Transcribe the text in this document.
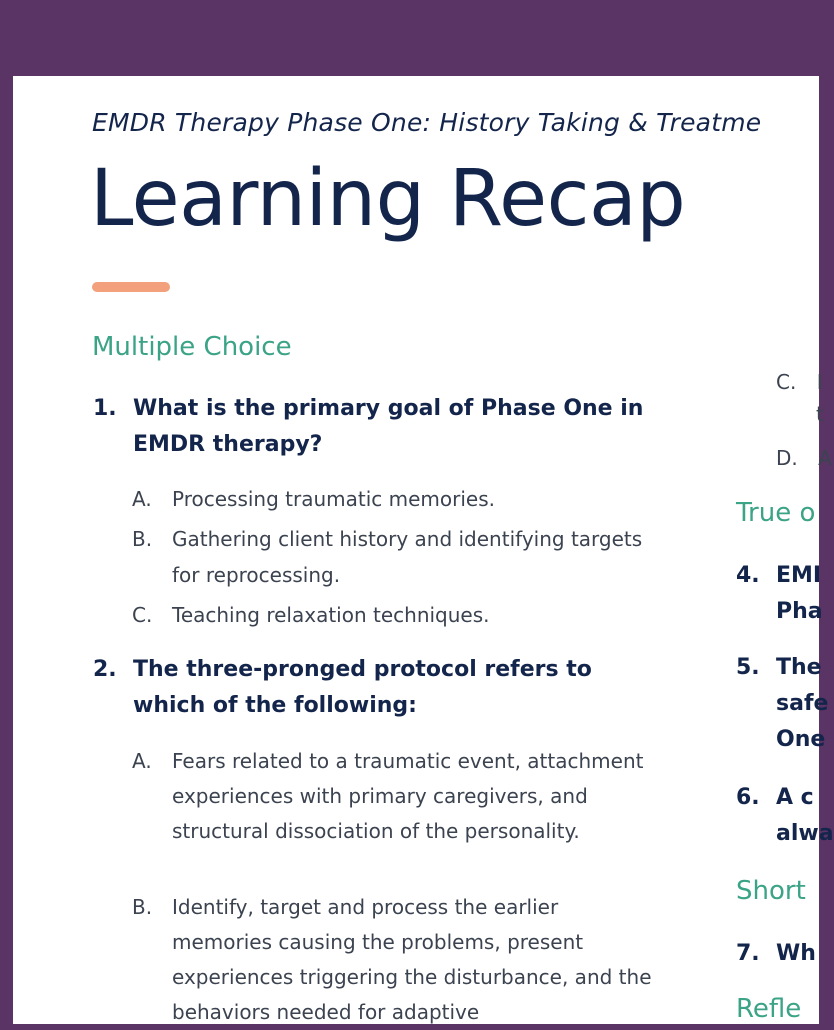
EMDR Therapy Phase One: History Taking & Treatme
Learning Recap
Multiple Choice
1. What is the primary goal of Phase One in EMDR therapy?
A. Processing traumatic memories.
B. Gathering client history and identifying targets for reprocessing.
C. Teaching relaxation techniques.
2. The three-pronged protocol refers to which of the following:
A. Fears related to a traumatic event, attachment experiences with primary caregivers, and structural dissociation of the personality.
B. Identify, target and process the earlier memories causing the problems, present experiences triggering the disturbance, and the behaviors needed for adaptive
C. I
t
D. A
True o
4. EMI
Pha
5. The
safe
One
6. A c
alwa
Short
7. Wh
Refle
